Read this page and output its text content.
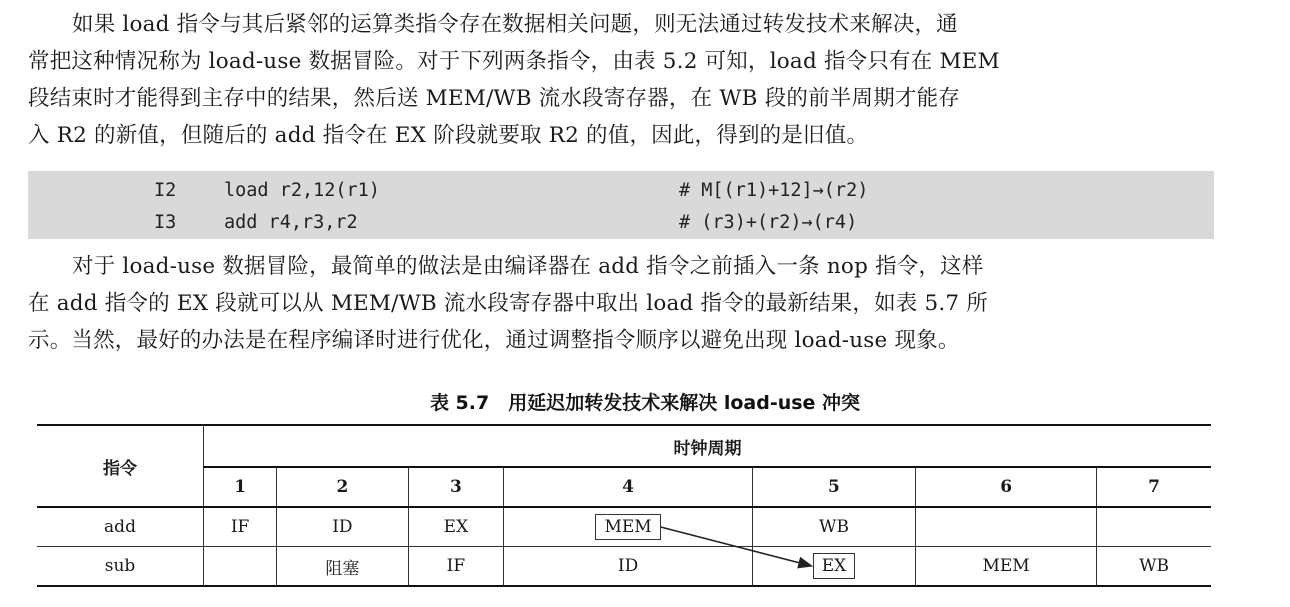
如果 load 指令与其后紧邻的运算类指令存在数据相关问题，则无法通过转发技术来解决，通
常把这种情况称为 load-use 数据冒险。对于下列两条指令，由表 5.2 可知，load 指令只有在 MEM
段结束时才能得到主存中的结果，然后送 MEM/WB 流水段寄存器，在 WB 段的前半周期才能存
入 R2 的新值，但随后的 add 指令在 EX 阶段就要取 R2 的值，因此，得到的是旧值。
I2	load r2,12(r1)	# M[(r1)+12]→(r2)
I3	add r4,r3,r2	# (r3)+(r2)→(r4)
对于 load-use 数据冒险，最简单的做法是由编译器在 add 指令之前插入一条 nop 指令，这样
在 add 指令的 EX 段就可以从 MEM/WB 流水段寄存器中取出 load 指令的最新结果，如表 5.7 所
示。当然，最好的办法是在程序编译时进行优化，通过调整指令顺序以避免出现 load-use 现象。
表 5.7　用延迟加转发技术来解决 load-use 冲突
指令	时钟周期						
	1	2	3	4	5	6	7
add	IF	ID	EX	MEM	WB		
sub		阻塞	IF	ID	EX	MEM	WB
